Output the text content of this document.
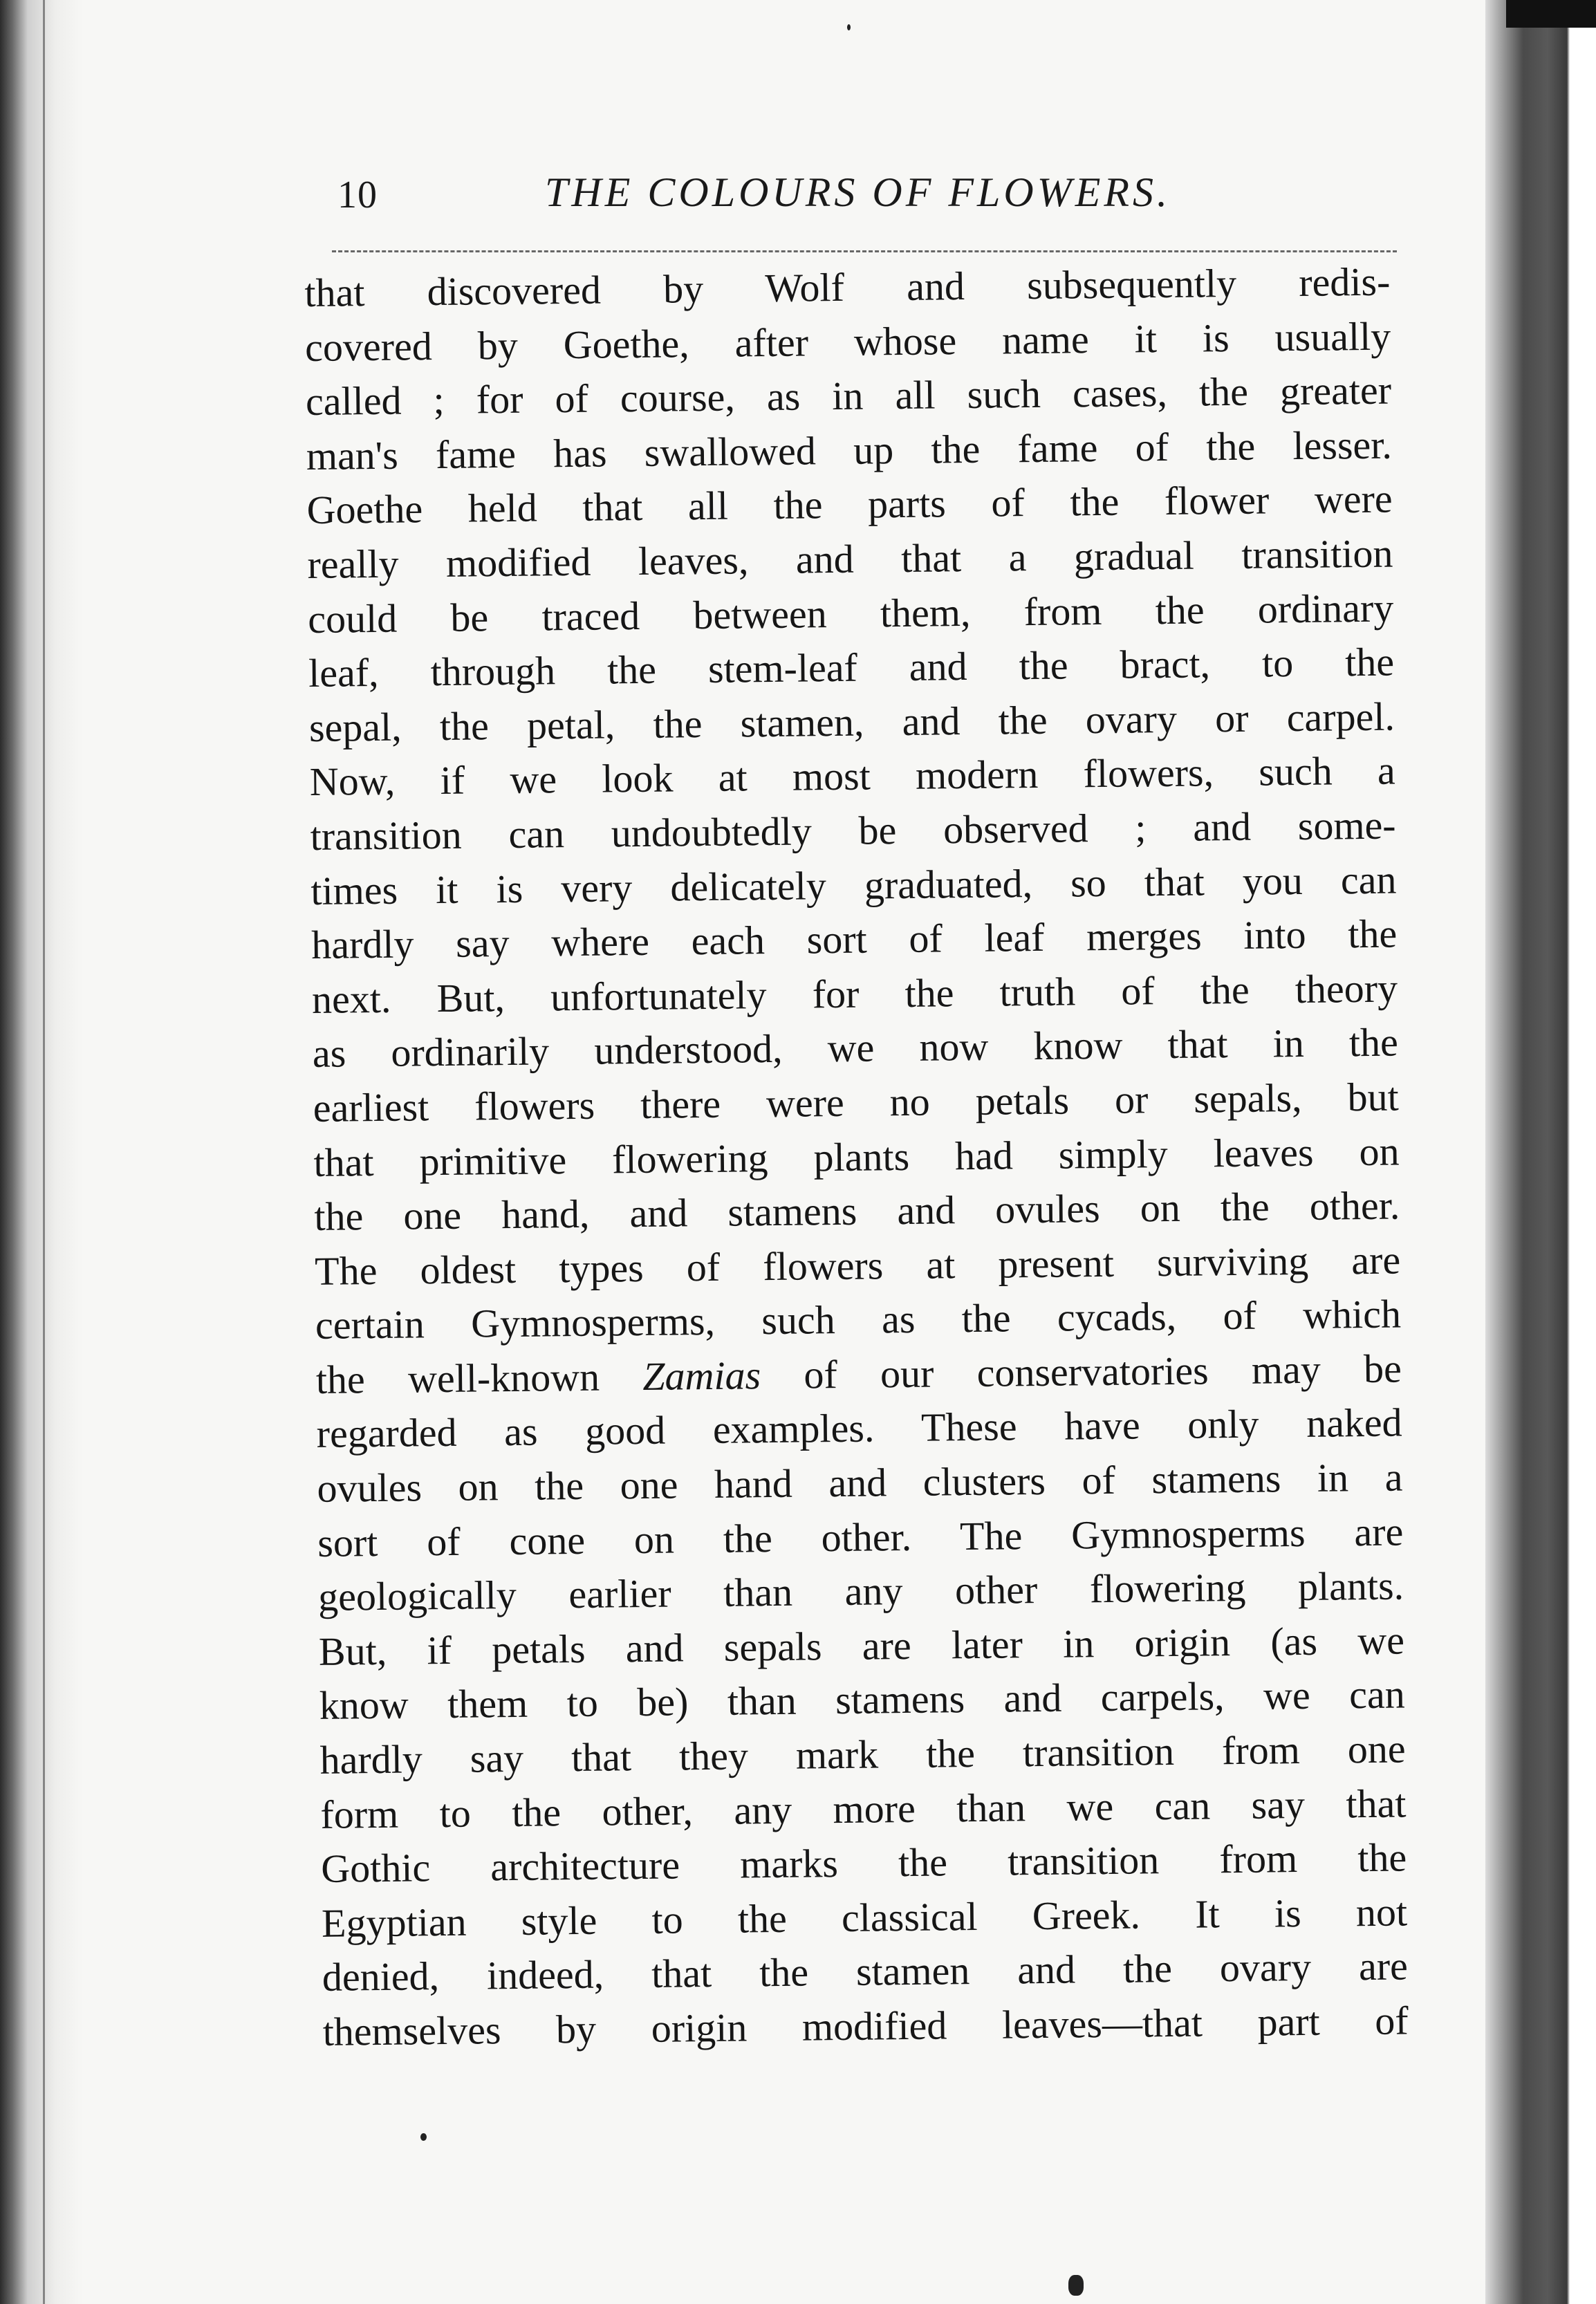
10	THE COLOURS OF FLOWERS.
that discovered by Wolf and subsequently redis-
covered by Goethe, after whose name it is usually
called ; for of course, as in all such cases, the greater
man's fame has swallowed up the fame of the lesser.
Goethe held that all the parts of the flower were
really modified leaves, and that a gradual transition
could be traced between them, from the ordinary
leaf, through the stem-leaf and the bract, to the
sepal, the petal, the stamen, and the ovary or carpel.
Now, if we look at most modern flowers, such a
transition can undoubtedly be observed ; and some-
times it is very delicately graduated, so that you can
hardly say where each sort of leaf merges into the
next. But, unfortunately for the truth of the theory
as ordinarily understood, we now know that in the
earliest flowers there were no petals or sepals, but
that primitive flowering plants had simply leaves on
the one hand, and stamens and ovules on the other.
The oldest types of flowers at present surviving are
certain Gymnosperms, such as the cycads, of which
the well-known Zamias of our conservatories may be
regarded as good examples. These have only naked
ovules on the one hand and clusters of stamens in a
sort of cone on the other. The Gymnosperms are
geologically earlier than any other flowering plants.
But, if petals and sepals are later in origin (as we
know them to be) than stamens and carpels, we can
hardly say that they mark the transition from one
form to the other, any more than we can say that
Gothic architecture marks the transition from the
Egyptian style to the classical Greek. It is not
denied, indeed, that the stamen and the ovary are
themselves by origin modified leaves—that part of
